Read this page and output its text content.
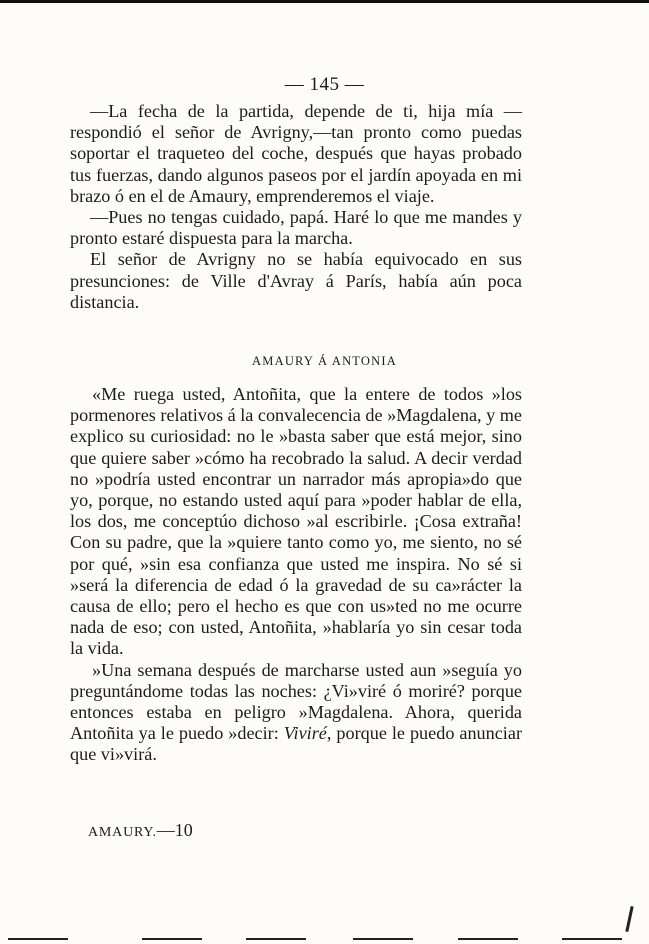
— 145 —

—La fecha de la partida, depende de ti, hija mía —respondió el señor de Avrigny,—tan pronto como puedas soportar el traqueteo del coche, después que hayas probado tus fuerzas, dando algunos paseos por el jardín apoyada en mi brazo ó en el de Amaury, emprenderemos el viaje.

—Pues no tengas cuidado, papá. Haré lo que me mandes y pronto estaré dispuesta para la marcha.

El señor de Avrigny no se había equivocado en sus presunciones: de Ville d'Avray á París, había aún poca distancia.

AMAURY Á ANTONIA

«Me ruega usted, Antoñita, que la entere de todos »los pormenores relativos á la convalecencia de »Magdalena, y me explico su curiosidad: no le »basta saber que está mejor, sino que quiere saber »cómo ha recobrado la salud. A decir verdad no »podría usted encontrar un narrador más apropia»do que yo, porque, no estando usted aquí para »poder hablar de ella, los dos, me conceptúo dichoso »al escribirle. ¡Cosa extraña! Con su padre, que la »quiere tanto como yo, me siento, no sé por qué, »sin esa confianza que usted me inspira. No sé si »será la diferencia de edad ó la gravedad de su ca»rácter la causa de ello; pero el hecho es que con us»ted no me ocurre nada de eso; con usted, Antoñita, »hablaría yo sin cesar toda la vida.

»Una semana después de marcharse usted aun »seguía yo preguntándome todas las noches: ¿Vi»viré ó moriré? porque entonces estaba en peligro »Magdalena. Ahora, querida Antoñita ya le puedo »decir: Viviré, porque le puedo anunciar que vi»virá.

AMAURY.—10
